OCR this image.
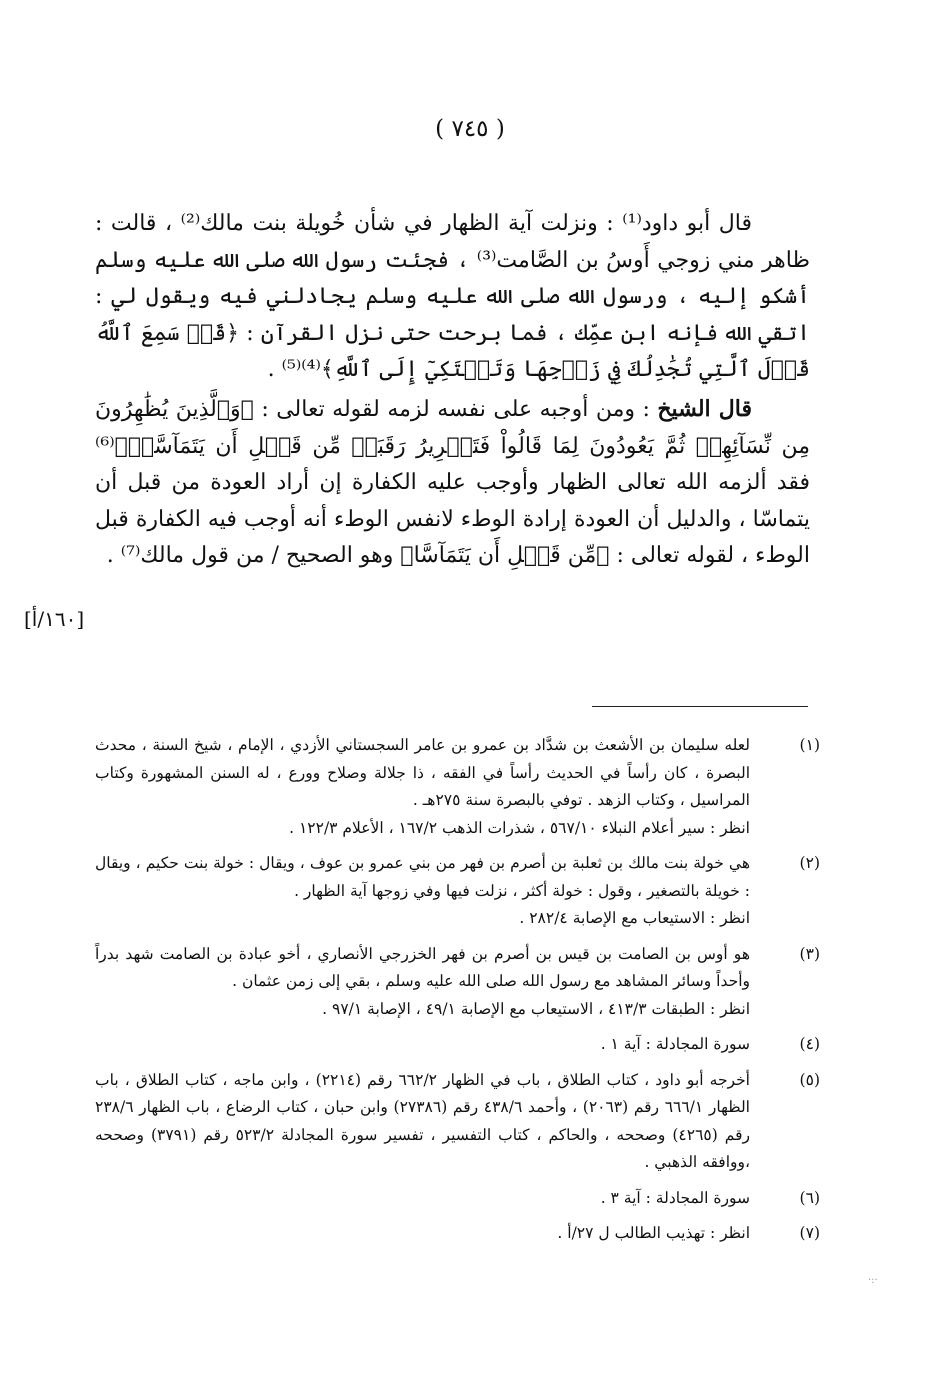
( ٧٤٥ )

قال أبو داود⁽¹⁾ : ونزلت آية الظهار في شأن خُويلة بنت مالك⁽²⁾ ، قالت : ظاهر مني زوجي أَوسُ بن الصَّامت⁽³⁾ ، فجئت رسول الله صلى الله عليه وسلم أشكو إليه ، ورسول الله صلى الله عليه وسلم يجادلني فيه ويقول لي : اتقي الله فإنه ابن عمِّك ، فما برحت حتى نزل القرآن : ﴿قَدۡ سَمِعَ ٱللَّهُ قَوۡلَ ٱلَّتِي تُجَٰدِلُكَ فِي زَوۡجِهَا وَتَشۡتَكِيٓ إِلَى ٱللَّهِ﴾⁽⁴⁾⁽⁵⁾ .

قال الشيخ : ومن أوجبه على نفسه لزمه لقوله تعالى : ﴿وَٱلَّذِينَ يُظَٰهِرُونَ مِن نِّسَآئِهِمۡ ثُمَّ يَعُودُونَ لِمَا قَالُواْ فَتَحۡرِيرُ رَقَبَةٖ مِّن قَبۡلِ أَن يَتَمَآسَّاۚ﴾⁽⁶⁾ فقد ألزمه الله تعالى الظهار وأوجب عليه الكفارة إن أراد العودة من قبل أن يتماسّا ، والدليل أن العودة إرادة الوطء لانفس الوطء أنه أوجب فيه الكفارة قبل الوطء ، لقوله تعالى : ﴿مِّن قَبۡلِ أَن يَتَمَآسَّا﴾ وهو الصحيح / من قول مالك⁽⁷⁾ .

[١٦٠/أ]
(١)
لعله سليمان بن الأشعث بن شدَّاد بن عمرو بن عامر السجستاني الأزدي ، الإمام ، شيخ السنة ، محدث البصرة ، كان رأساً في الحديث رأساً في الفقه ، ذا جلالة وصلاح وورع ، له السنن المشهورة وكتاب المراسيل ، وكتاب الزهد . توفي بالبصرة سنة ٢٧٥هـ .
انظر : سير أعلام النبلاء ٥٦٧/١٠ ، شذرات الذهب ١٦٧/٢ ، الأعلام ١٢٢/٣ .
(٢)
هي خولة بنت مالك بن ثعلبة بن أصرم بن فهر من بني عمرو بن عوف ، ويقال : خولة بنت حكيم ، ويقال : خويلة بالتصغير ، وقول : خولة أكثر ، نزلت فيها وفي زوجها آية الظهار .
انظر : الاستيعاب مع الإصابة ٢٨٢/٤ .
(٣)
هو أوس بن الصامت بن قيس بن أصرم بن فهر الخزرجي الأنصاري ، أخو عبادة بن الصامت شهد بدراً وأحداً وسائر المشاهد مع رسول الله صلى الله عليه وسلم ، بقي إلى زمن عثمان .
انظر : الطبقات ٤١٣/٣ ، الاستيعاب مع الإصابة ٤٩/١ ، الإصابة ٩٧/١ .
(٤)
سورة المجادلة : آية ١ .
(٥)
أخرجه أبو داود ، كتاب الطلاق ، باب في الظهار ٦٦٢/٢ رقم (٢٢١٤) ، وابن ماجه ، كتاب الطلاق ، باب الظهار ٦٦٦/١ رقم (٢٠٦٣) ، وأحمد ٤٣٨/٦ رقم (٢٧٣٨٦) وابن حبان ، كتاب الرضاع ، باب الظهار ٢٣٨/٦ رقم (٤٢٦٥) وصححه ، والحاكم ، كتاب التفسير ، تفسير سورة المجادلة ٥٢٣/٢ رقم (٣٧٩١) وصححه ،ووافقه الذهبي .
(٦)
سورة المجادلة : آية ٣ .
(٧)
انظر : تهذيب الطالب ل ٢٧/أ .
·:·
